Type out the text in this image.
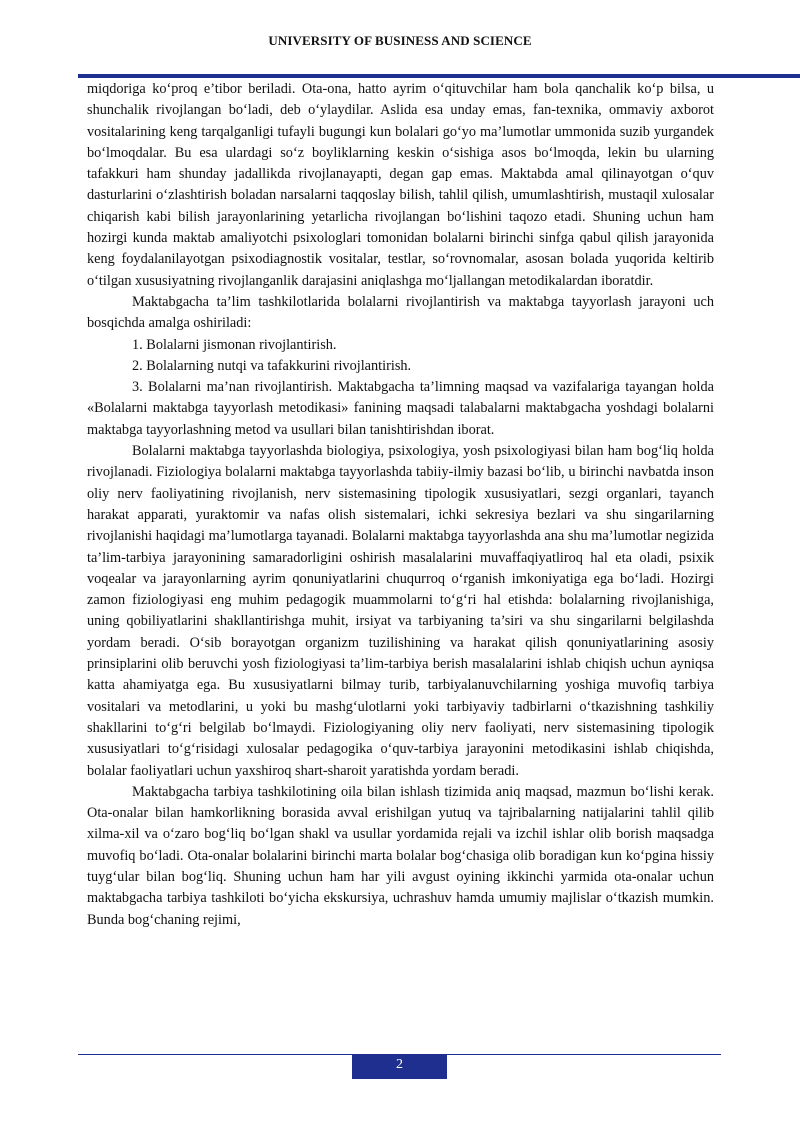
UNIVERSITY OF BUSINESS AND SCIENCE

miqdoriga ko‘proq e’tibor beriladi. Ota-ona, hatto ayrim o‘qituvchilar ham bola qanchalik ko‘p bilsa, u shunchalik rivojlangan bo‘ladi, deb o‘ylaydilar. Aslida esa unday emas, fan-texnika, ommaviy axborot vositalarining keng tarqalganligi tufayli bugungi kun bolalari go‘yo ma’lumotlar ummonida suzib yurgandek bo‘lmoqdalar. Bu esa ulardagi so‘z boyliklarning keskin o‘sishiga asos bo‘lmoqda, lekin bu ularning tafakkuri ham shunday jadallikda rivojlanayapti, degan gap emas. Maktabda amal qilinayotgan o‘quv dasturlarini o‘zlashtirish boladan narsalarni taqqoslay bilish, tahlil qilish, umumlashtirish, mustaqil xulosalar chiqarish kabi bilish jarayonlarining yetarlicha rivojlangan bo‘lishini taqozo etadi. Shuning uchun ham hozirgi kunda maktab amaliyotchi psixologlari tomonidan bolalarni birinchi sinfga qabul qilish jarayonida keng foydalanilayotgan psixodiagnostik vositalar, testlar, so‘rovnomalar, asosan bolada yuqorida keltirib o‘tilgan xususiyatning rivojlanganlik darajasini aniqlashga mo‘ljallangan metodikalardan iboratdir.

Maktabgacha ta’lim tashkilotlarida bolalarni rivojlantirish va maktabga tayyorlash jarayoni uch bosqichda amalga oshiriladi:

1. Bolalarni jismonan rivojlantirish.

2. Bolalarning nutqi va tafakkurini rivojlantirish.

3. Bolalarni ma’nan rivojlantirish. Maktabgacha ta’limning maqsad va vazifalariga tayangan holda «Bolalarni maktabga tayyorlash metodikasi» fanining maqsadi talabalarni maktabgacha yoshdagi bolalarni maktabga tayyorlashning metod va usullari bilan tanishtirishdan iborat.

Bolalarni maktabga tayyorlashda biologiya, psixologiya, yosh psixologiyasi bilan ham bog‘liq holda rivojlanadi. Fiziologiya bolalarni maktabga tayyorlashda tabiiy-ilmiy bazasi bo‘lib, u birinchi navbatda inson oliy nerv faoliyatining rivojlanish, nerv sistemasining tipologik xususiyatlari, sezgi organlari, tayanch harakat apparati, yuraktomir va nafas olish sistemalari, ichki sekresiya bezlari va shu singarilarning rivojlanishi haqidagi ma’lumotlarga tayanadi. Bolalarni maktabga tayyorlashda ana shu ma’lumotlar negizida ta’lim-tarbiya jarayonining samaradorligini oshirish masalalarini muvaffaqiyatliroq hal eta oladi, psixik voqealar va jarayonlarning ayrim qonuniyatlarini chuqurroq o‘rganish imkoniyatiga ega bo‘ladi. Hozirgi zamon fiziologiyasi eng muhim pedagogik muammolarni to‘g‘ri hal etishda: bolalarning rivojlanishiga, uning qobiliyatlarini shakllantirishga muhit, irsiyat va tarbiyaning ta’siri va shu singarilarni belgilashda yordam beradi. O‘sib borayotgan organizm tuzilishining va harakat qilish qonuniyatlarining asosiy prinsiplarini olib beruvchi yosh fiziologiyasi ta’lim-tarbiya berish masalalarini ishlab chiqish uchun ayniqsa katta ahamiyatga ega. Bu xususiyatlarni bilmay turib, tarbiyalanuvchilarning yoshiga muvofiq tarbiya vositalari va metodlarini, u yoki bu mashg‘ulotlarni yoki tarbiyaviy tadbirlarni o‘tkazishning tashkiliy shakllarini to‘g‘ri belgilab bo‘lmaydi. Fiziologiyaning oliy nerv faoliyati, nerv sistemasining tipologik xususiyatlari to‘g‘risidagi xulosalar pedagogika o‘quv-tarbiya jarayonini metodikasini ishlab chiqishda, bolalar faoliyatlari uchun yaxshiroq shart-sharoit yaratishda yordam beradi.

Maktabgacha tarbiya tashkilotining oila bilan ishlash tizimida aniq maqsad, mazmun bo‘lishi kerak. Ota-onalar bilan hamkorlikning borasida avval erishilgan yutuq va tajribalarning natijalarini tahlil qilib xilma-xil va o‘zaro bog‘liq bo‘lgan shakl va usullar yordamida rejali va izchil ishlar olib borish maqsadga muvofiq bo‘ladi. Ota-onalar bolalarini birinchi marta bolalar bog‘chasiga olib boradigan kun ko‘pgina hissiy tuyg‘ular bilan bog‘liq. Shuning uchun ham har yili avgust oyining ikkinchi yarmida ota-onalar uchun maktabgacha tarbiya tashkiloti bo‘yicha ekskursiya, uchrashuv hamda umumiy majlislar o‘tkazish mumkin. Bunda bog‘chaning rejimi,

2
